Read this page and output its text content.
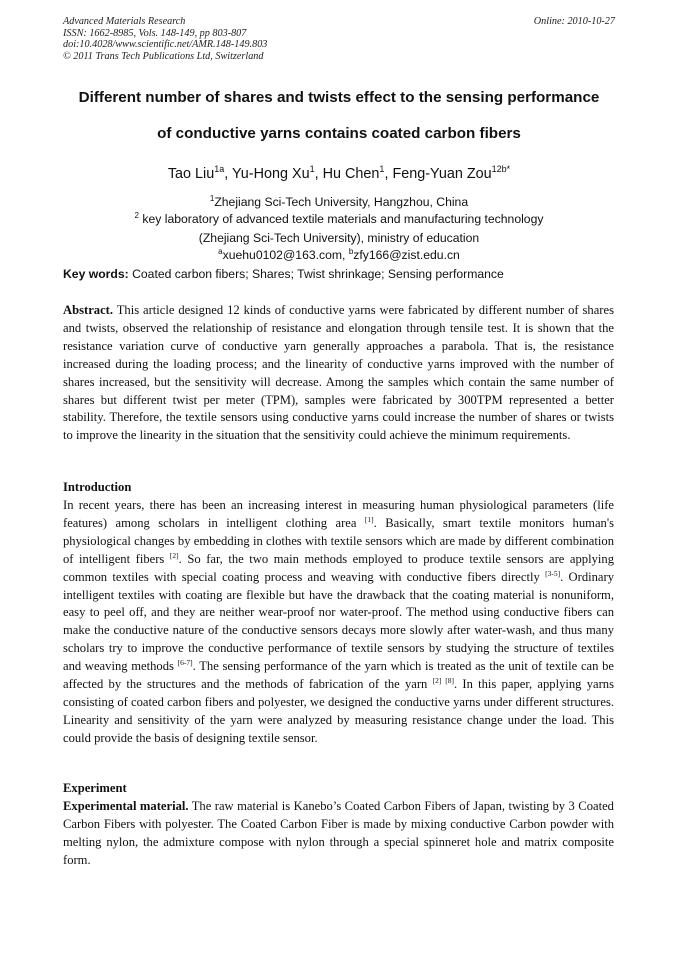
Advanced Materials Research
ISSN: 1662-8985, Vols. 148-149, pp 803-807
doi:10.4028/www.scientific.net/AMR.148-149.803
© 2011 Trans Tech Publications Ltd, Switzerland
Online: 2010-10-27
Different number of shares and twists effect to the sensing performance
of conductive yarns contains coated carbon fibers
Tao Liu$^{1a}$, Yu-Hong Xu$^1$, Hu Chen$^1$, Feng-Yuan Zou$^{12b*}$
$^1$Zhejiang Sci-Tech University, Hangzhou, China
$^2$ key laboratory of advanced textile materials and manufacturing technology
(Zhejiang Sci-Tech University), ministry of education
$^a$xuehu0102@163.com, $^b$zfy166@zist.edu.cn
Key words: Coated carbon fibers; Shares; Twist shrinkage; Sensing performance
Abstract. This article designed 12 kinds of conductive yarns were fabricated by different number of shares and twists, observed the relationship of resistance and elongation through tensile test. It is shown that the resistance variation curve of conductive yarn generally approaches a parabola. That is, the resistance increased during the loading process; and the linearity of conductive yarns improved with the number of shares increased, but the sensitivity will decrease. Among the samples which contain the same number of shares but different twist per meter (TPM), samples were fabricated by 300TPM represented a better stability. Therefore, the textile sensors using conductive yarns could increase the number of shares or twists to improve the linearity in the situation that the sensitivity could achieve the minimum requirements.
Introduction
In recent years, there has been an increasing interest in measuring human physiological parameters (life features) among scholars in intelligent clothing area [1]. Basically, smart textile monitors human's physiological changes by embedding in clothes with textile sensors which are made by different combination of intelligent fibers [2]. So far, the two main methods employed to produce textile sensors are applying common textiles with special coating process and weaving with conductive fibers directly [3-5]. Ordinary intelligent textiles with coating are flexible but have the drawback that the coating material is nonuniform, easy to peel off, and they are neither wear-proof nor water-proof. The method using conductive fibers can make the conductive nature of the conductive sensors decays more slowly after water-wash, and thus many scholars try to improve the conductive performance of textile sensors by studying the structure of textiles and weaving methods [6-7]. The sensing performance of the yarn which is treated as the unit of textile can be affected by the structures and the methods of fabrication of the yarn [2] [8]. In this paper, applying yarns consisting of coated carbon fibers and polyester, we designed the conductive yarns under different structures. Linearity and sensitivity of the yarn were analyzed by measuring resistance change under the load. This could provide the basis of designing textile sensor.
Experiment
Experimental material. The raw material is Kanebo’s Coated Carbon Fibers of Japan, twisting by 3 Coated Carbon Fibers with polyester. The Coated Carbon Fiber is made by mixing conductive Carbon powder with melting nylon, the admixture compose with nylon through a special spinneret hole and matrix composite form.
